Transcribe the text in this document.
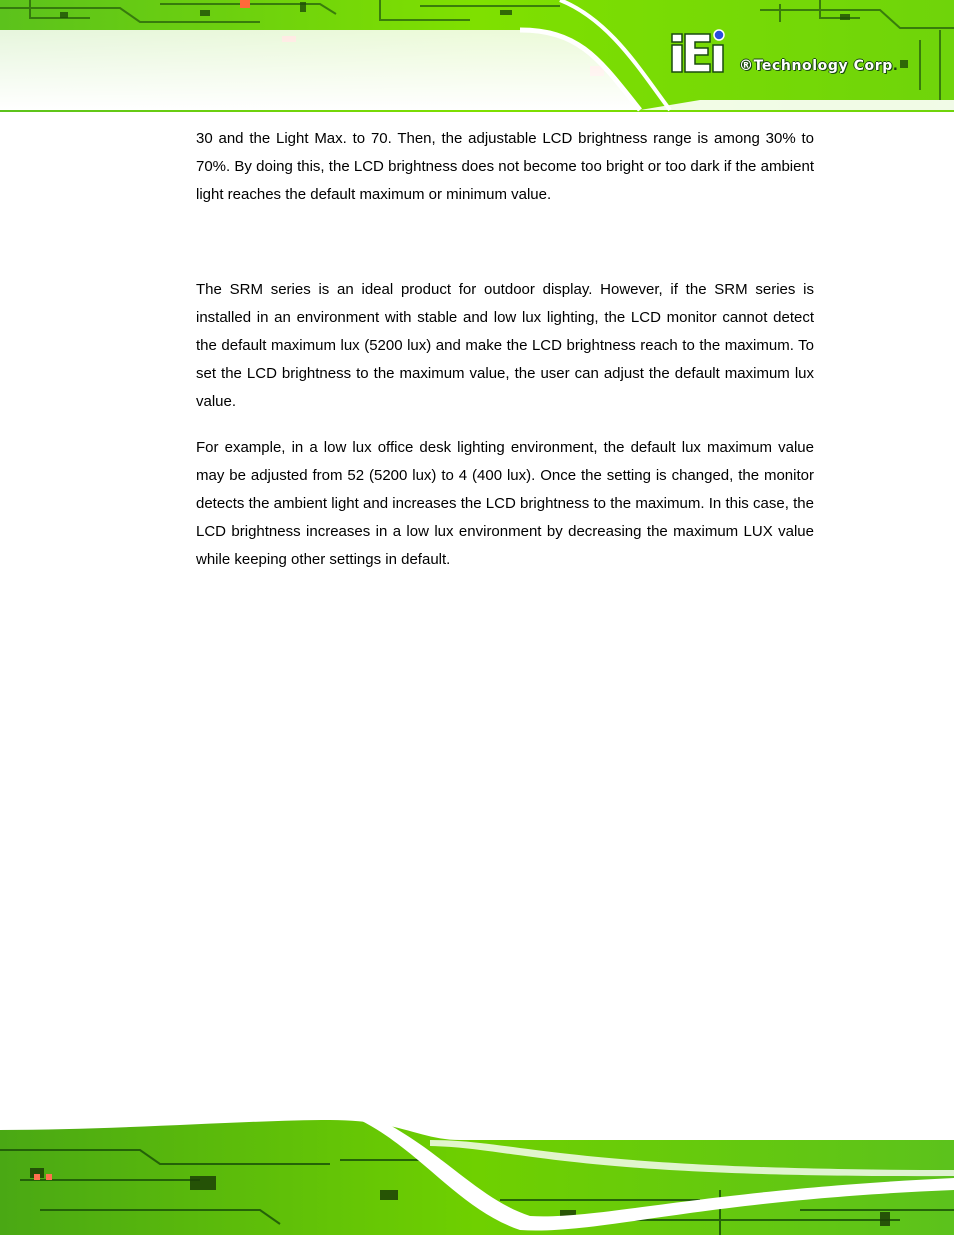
®Technology Corp.

30 and the Light Max. to 70. Then, the adjustable LCD brightness range is among 30% to 70%. By doing this, the LCD brightness does not become too bright or too dark if the ambient light reaches the default maximum or minimum value.

The SRM series is an ideal product for outdoor display. However, if the SRM series is installed in an environment with stable and low lux lighting, the LCD monitor cannot detect the default maximum lux (5200 lux) and make the LCD brightness reach to the maximum. To set the LCD brightness to the maximum value, the user can adjust the default maximum lux value.

For example, in a low lux office desk lighting environment, the default lux maximum value may be adjusted from 52 (5200 lux) to 4 (400 lux). Once the setting is changed, the monitor detects the ambient light and increases the LCD brightness to the maximum. In this case, the LCD brightness increases in a low lux environment by decreasing the maximum LUX value while keeping other settings in default.
